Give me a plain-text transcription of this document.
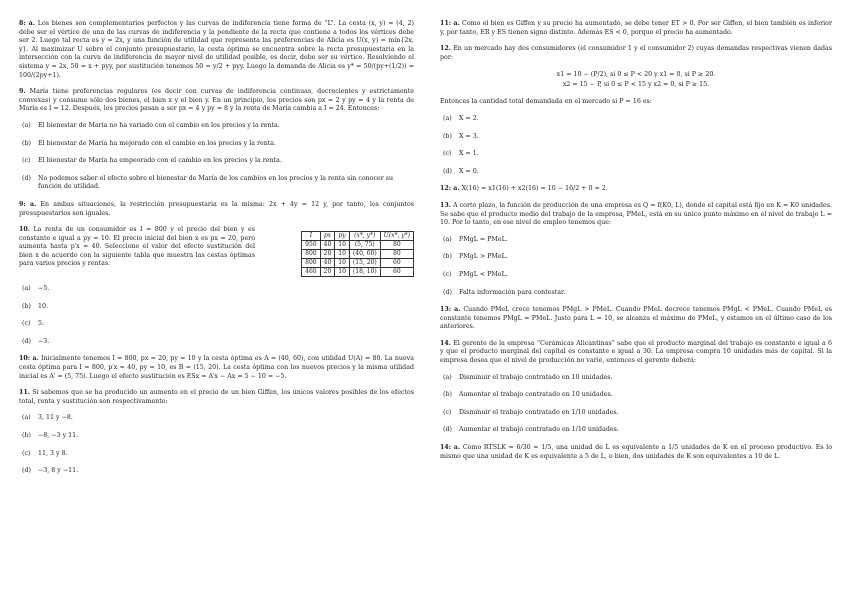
8: a. Los bienes son complementarios perfectos y las curvas de indiferencia tiene forma de “L”. La cesta (x, y) = (4, 2) debe ser el vértice de una de las curvas de indiferencia y la pendiente de la recta que contiene a todos los vértices debe ser 2. Luego tal recta es y = 2x, y una función de utilidad que representa las preferencias de Alicia es U(x, y) = mín{2x, y}. Al maximizar U sobre el conjunto presupuestario, la cesta óptima se encuentra sobre la recta presupuestaria en la intersección con la curva de indiferencia de mayor nivel de utilidad posible, es decir, debe ser su vértice. Resolviendo el sistema y = 2x, 50 = x + pyy, por sustitución tenemos 50 = y/2 + pyy. Luego la demanda de Alicia es y* = 50/(py+(1/2)) = 100/(2py+1).

9. María tiene preferencias regulares (es decir con curvas de indiferencia continuas, decrecientes y estrictamente convexas) y consume sólo dos bienes, el bien x y el bien y. En un principio, los precios son px = 2 y py = 4 y la renta de María es I = 12. Después, los precios pasan a ser px = 4 y py = 8 y la renta de María cambia a I = 24. Entonces:

(a)	El bienestar de María no ha variado con el cambio en los precios y la renta.
(b)	El bienestar de María ha mejorado con el cambio en los precios y la renta.
(c)	El bienestar de María ha empeorado con el cambio en los precios y la renta.
(d)	No podemos saber el efecto sobre el bienestar de María de los cambios en los precios y la renta sin conocer su función de utilidad.

9: a. En ambas situaciones, la restricción presupuestaria es la misma: 2x + 4y = 12 y, por tanto, los conjuntos presupuestarios son iguales.

10. La renta de un consumidor es I = 800 y el precio del bien y es constante e igual a py = 10. El precio inicial del bien x es px = 20, pero aumenta hasta p′x = 40. Seleccione el valor del efecto sustitución del bien x de acuerdo con la siguiente tabla que muestra las cestas óptimas para varios precios y rentas.
I	px	py	(x*, y*)	U(x*, y*)
950	40	10	(5, 75)	80
800	20	10	(40, 60)	80
800	40	10	(15, 20)	60
460	20	10	(18, 10)	60
(a)	−5.
(b)	10.
(c)	5.
(d)	−3.

10: a. Inicialmente tenemos I = 800, px = 20, py = 10 y la cesta óptima es A = (40, 60), con utilidad U(A) = 80. La nueva cesta óptima para I = 800, p′x = 40, py = 10, es B = (15, 20). La cesta óptima con los nuevos precios y la misma utilidad inicial es A′ = (5, 75). Luego el efecto sustitución es ESx = A′x − Ax = 5 − 10 = −5.

11. Si sabemos que se ha producido un aumento en el precio de un bien Giffen, los únicos valores posibles de los efectos total, renta y sustitución son respectivamente:

(a)	3, 11 y −8.
(b)	−8, −3 y 11.
(c)	11, 3 y 8.
(d)	−3, 8 y −11.

11: a. Como el bien es Giffen y su precio ha aumentado, se debe tener ET > 0. Por ser Giffen, el bien también es inferior y, por tanto, ER y ES tienen signo distinto. Además ES < 0, porque el precio ha aumentado.

12. En un mercado hay dos consumidores (el consumidor 1 y el consumidor 2) cuyas demandas respectivas vienen dadas por:

x1 = 10 − (P/2), si 0 ≤ P < 20 y x1 = 0, si P ≥ 20.
x2 = 15 − P, si 0 ≤ P < 15 y x2 = 0, si P ≥ 15.

Entonces la cantidad total demandada en el mercado si P = 16 es:

(a)	X = 2.
(b)	X = 3.
(c)	X = 1.
(d)	X = 0.

12: a. X(16) = x1(16) + x2(16) = 10 − 16/2 + 0 = 2.

13. A corto plazo, la función de producción de una empresa es Q = f(K0, L), donde el capital está fijo en K = K0 unidades. Se sabe que el producto medio del trabajo de la empresa, PMeL, está en su único punto máximo en el nivel de trabajo L = 10. Por lo tanto, en ese nivel de empleo tenemos que:

(a)	PMgL = PMeL.
(b)	PMgL > PMeL.
(c)	PMgL < PMeL.
(d)	Falta información para contestar.

13: a. Cuando PMeL crece tenemos PMgL > PMeL. Cuando PMeL decrece tenemos PMgL < PMeL. Cuando PMeL es constante tenemos PMgL = PMeL. Justo para L = 10, se alcanza el máximo de PMeL, y estamos en el último caso de los anteriores.

14. El gerente de la empresa “Cerámicas Alicantinas” sabe que el producto marginal del trabajo es constante e igual a 6 y que el producto marginal del capital es constante e igual a 30. La empresa compra 10 unidades más de capital. Si la empresa desea que el nivel de producción no varíe, entonces el gerente deberá:

(a)	Disminuir el trabajo contratado en 10 unidades.
(b)	Aumentar el trabajo contratado en 10 unidades.
(c)	Disminuir el trabajo contratado en 1/10 unidades.
(d)	Aumentar el trabajo contratado en 1/10 unidades.

14: a. Como RTSLK = 6/30 = 1/5, una unidad de L es equivalente a 1/5 unidades de K en el proceso productivo. Es lo mismo que una unidad de K es equivalente a 5 de L, o bien, dos unidades de K son equivalentes a 10 de L.
